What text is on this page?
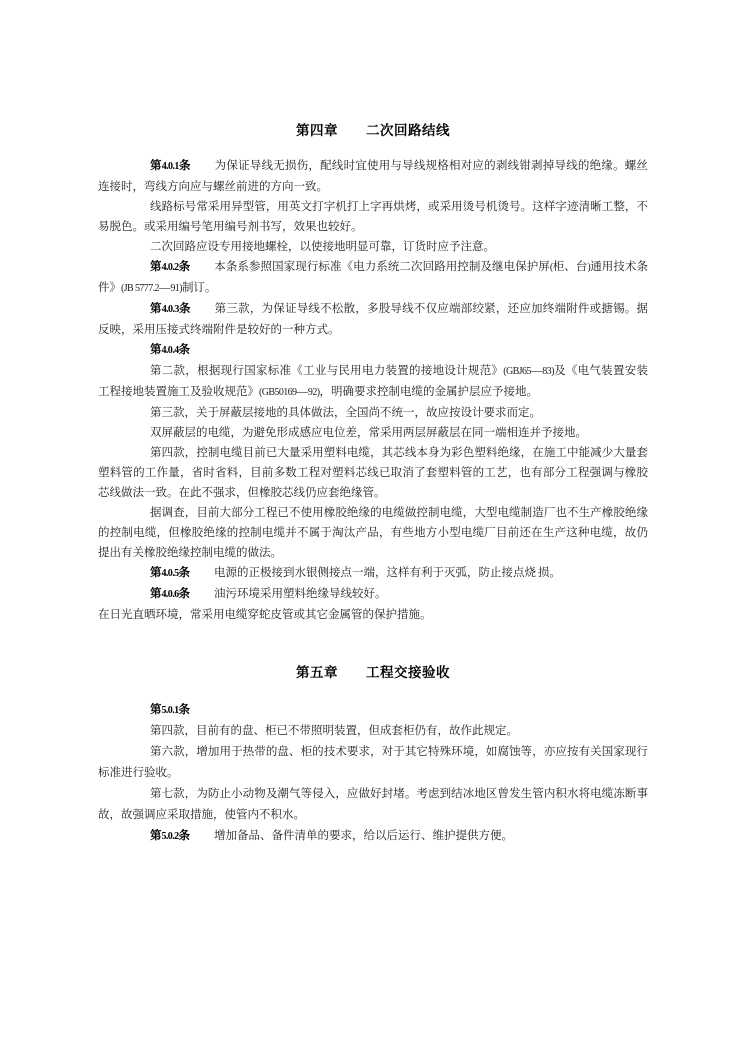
第四章　　二次回路结线

第4.0.1条 为保证导线无损伤，配线时宜使用与导线规格相对应的剥线钳剥掉导线的绝缘。螺丝连接时，弯线方向应与螺丝前进的方向一致。

线路标号常采用异型管，用英文打字机打上字再烘烤，或采用烫号机烫号。这样字迹清晰工整，不易脱色。或采用编号笔用编号剂书写，效果也较好。

二次回路应设专用接地螺栓，以使接地明显可靠，订货时应予注意。

第4.0.2条 本条系参照国家现行标准《电力系统二次回路用控制及继电保护屏(柜、台)通用技术条件》(JB 5777.2—91)制订。

第4.0.3条 第三款，为保证导线不松散，多股导线不仅应端部绞紧，还应加终端附件或搪锡。据反映，采用压接式终端附件是较好的一种方式。

第4.0.4条

第二款，根据现行国家标准《工业与民用电力装置的接地设计规范》(GBJ65—83)及《电气装置安装工程接地装置施工及验收规范》(GB50169—92)，明确要求控制电缆的金属护层应予接地。

第三款，关于屏蔽层接地的具体做法，全国尚不统一，故应按设计要求而定。

双屏蔽层的电缆，为避免形成感应电位差，常采用两层屏蔽层在同一端相连并予接地。

第四款，控制电缆目前已大量采用塑料电缆，其芯线本身为彩色塑料绝缘，在施工中能减少大量套塑料管的工作量，省时省料，目前多数工程对塑料芯线已取消了套塑料管的工艺，也有部分工程强调与橡胶芯线做法一致。在此不强求，但橡胶芯线仍应套绝缘管。

据调查，目前大部分工程已不使用橡胶绝缘的电缆做控制电缆，大型电缆制造厂也不生产橡胶绝缘的控制电缆，但橡胶绝缘的控制电缆并不属于淘汰产品，有些地方小型电缆厂目前还在生产这种电缆，故仍提出有关橡胶绝缘控制电缆的做法。

第4.0.5条 电源的正极接到水银侧接点一端，这样有利于灭弧，防止接点烧 损。

第4.0.6条 油污环境采用塑料绝缘导线较好。

在日光直晒环境，常采用电缆穿蛇皮管或其它金属管的保护措施。

第五章　　工程交接验收

第5.0.1条

第四款，目前有的盘、柜已不带照明装置，但成套柜仍有，故作此规定。

第六款，增加用于热带的盘、柜的技术要求，对于其它特殊环境，如腐蚀等，亦应按有关国家现行标准进行验收。

第七款，为防止小动物及潮气等侵入，应做好封堵。考虑到结冰地区曾发生管内积水将电缆冻断事故，故强调应采取措施，使管内不积水。

第5.0.2条 增加备品、备件清单的要求，给以后运行、维护提供方便。
